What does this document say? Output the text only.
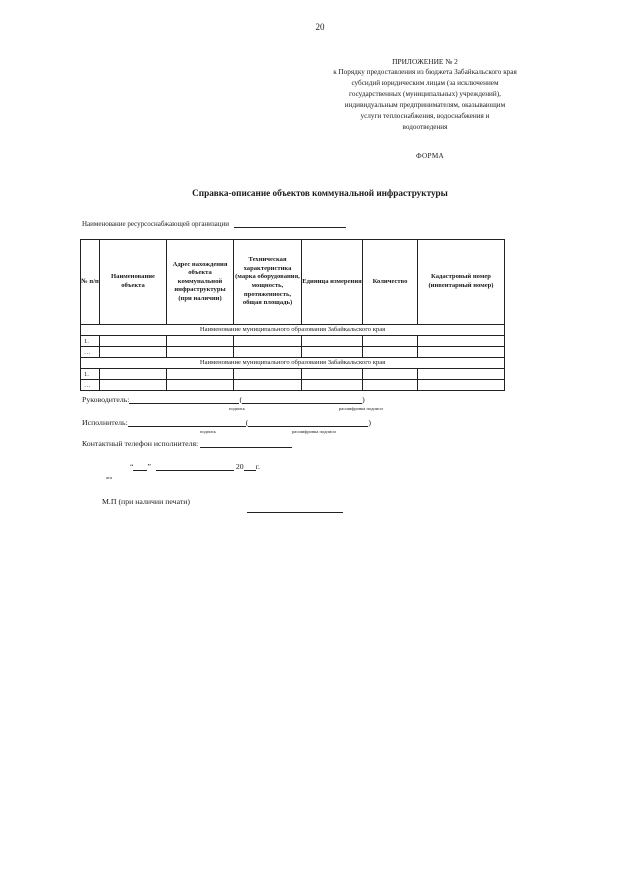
20
ПРИЛОЖЕНИЕ № 2
к Порядку предоставления из бюджета Забайкальского края
субсидий юридическим лицам (за исключением
государственных (муниципальных) учреждений),
индивидуальным предпринимателям, оказывающим
услуги теплоснабжения, водоснабжения и
водоотведения
ФОРМА
Справка-описание объектов коммунальной инфраструктуры
Наименование ресурсоснабжающей организации
№ п/п	Наименование объекта	Адрес нахождения объекта коммунальной инфраструктуры (при наличии)	Техническая характеристика (марка оборудования, мощность, протяженность, общая площадь)	Единица измерения	Количество	Кадастровый номер (инвентарный номер)
Наименование муниципального образования Забайкальского края						
1.						
…						
Наименование муниципального образования Забайкальского края						
1.						
…						
Руководитель:	(	)
подпись	расшифровка подписи
Исполнитель:	(	)
подпись	расшифровка подписи
Контактный телефон исполнителя:
“ ”	20 г.
ата
М.П (при наличии печати)
